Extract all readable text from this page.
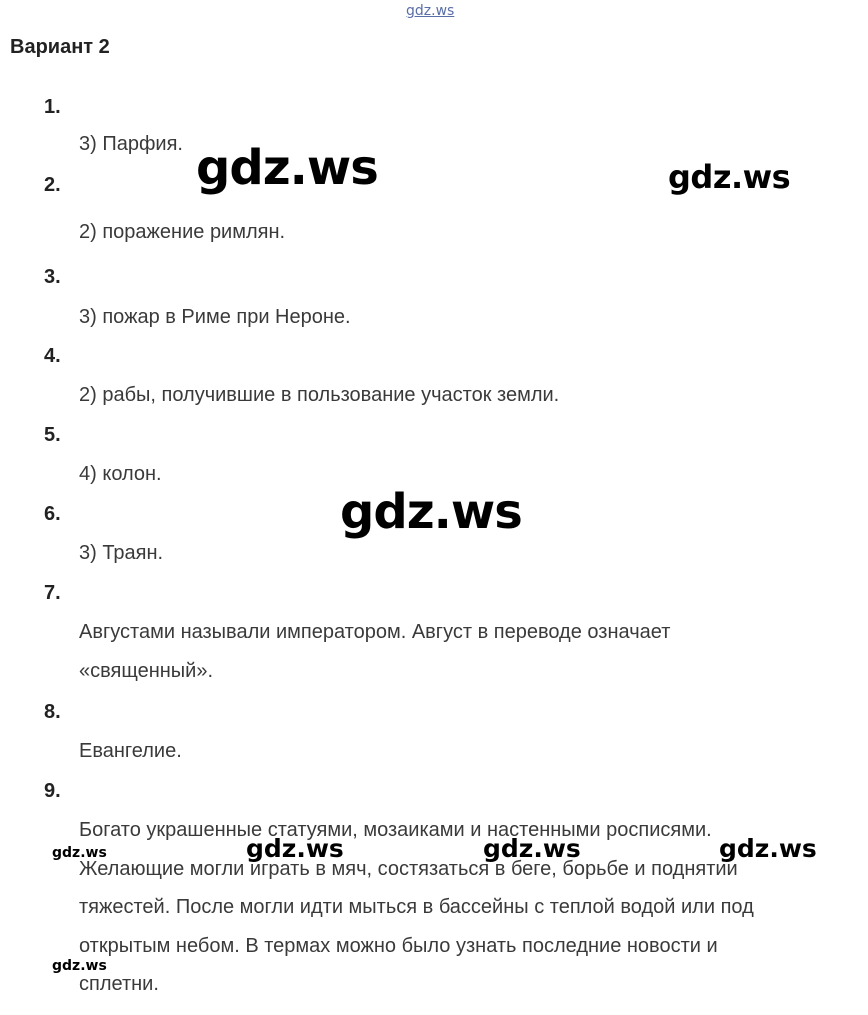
gdz.ws
Вариант 2
1.
3) Парфия.
2.
2) поражение римлян.
3.
3) пожар в Риме при Нероне.
4.
2) рабы, получившие в пользование участок земли.
5.
4) колон.
6.
3) Траян.
7.
Августами называли императором. Август в переводе означает
«священный».
8.
Евангелие.
9.
Богато украшенные статуями, мозаиками и настенными росписями.
Желающие могли играть в мяч, состязаться в беге, борьбе и поднятии
тяжестей. После могли идти мыться в бассейны с теплой водой или под
открытым небом. В термах можно было узнать последние новости и
сплетни.
gdz.ws	gdz.ws
gdz.ws
gdz.ws	gdz.ws	gdz.ws	gdz.ws
gdz.ws
